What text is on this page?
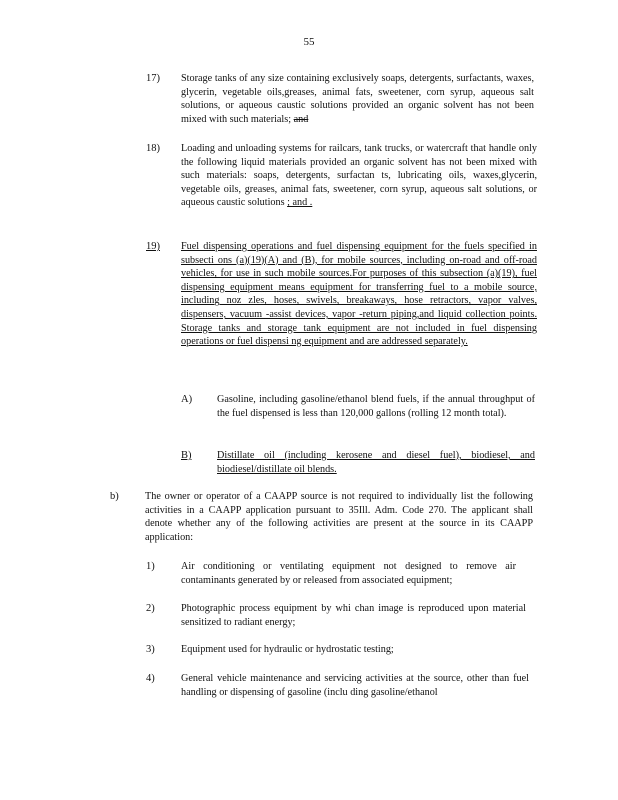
55
17) Storage tanks of any size containing exclusively soaps, detergents, surfactants, waxes, glycerin, vegetable oils,greases, animal fats, sweetener, corn syrup, aqueous salt solutions, or aqueous caustic solutions provided an organic solvent has not been mixed with such materials; and
18) Loading and unloading systems for railcars, tank trucks, or watercraft that handle only the following liquid materials provided an organic solvent has not been mixed with such materials: soaps, detergents, surfactan ts, lubricating oils, waxes,glycerin, vegetable oils, greases, animal fats, sweetener, corn syrup, aqueous salt solutions, or aqueous caustic solutions ; and .
19) Fuel dispensing operations and fuel dispensing equipment for the fuels specified in subsecti ons (a)(19)(A) and (B), for mobile sources, including on-road and off-road vehicles, for use in such mobile sources.For purposes of this subsection (a)(19), fuel dispensing equipment means equipment for transferring fuel to a mobile source, including noz zles, hoses, swivels, breakaways, hose retractors, vapor valves, dispensers, vacuum -assist devices, vapor -return piping,and liquid collection points. Storage tanks and storage tank equipment are not included in fuel dispensing operations or fuel dispensi ng equipment and are addressed separately.
A) Gasoline, including gasoline/ethanol blend fuels, if the annual throughput of the fuel dispensed is less than 120,000 gallons (rolling 12 month total).
B)	Distillate oil (including kerosene and diesel fuel), biodiesel, and biodiesel/distillate oil blends.
b)	The owner or operator of a CAAPP source is not required to individually list the following activities in a CAAPP application pursuant to 35Ill. Adm. Code 270. The applicant shall denote whether any of the following activities are present at the source in its CAAPP application:
1)	Air conditioning or ventilating equipment not designed to remove air contaminants generated by or released from associated equipment;
2)	Photographic process equipment by whi chan image is reproduced upon material sensitized to radiant energy;
3)	Equipment used for hydraulic or hydrostatic testing;
4)	General vehicle maintenance and servicing activities at the source, other than fuel handling or dispensing of gasoline (inclu ding gasoline/ethanol
